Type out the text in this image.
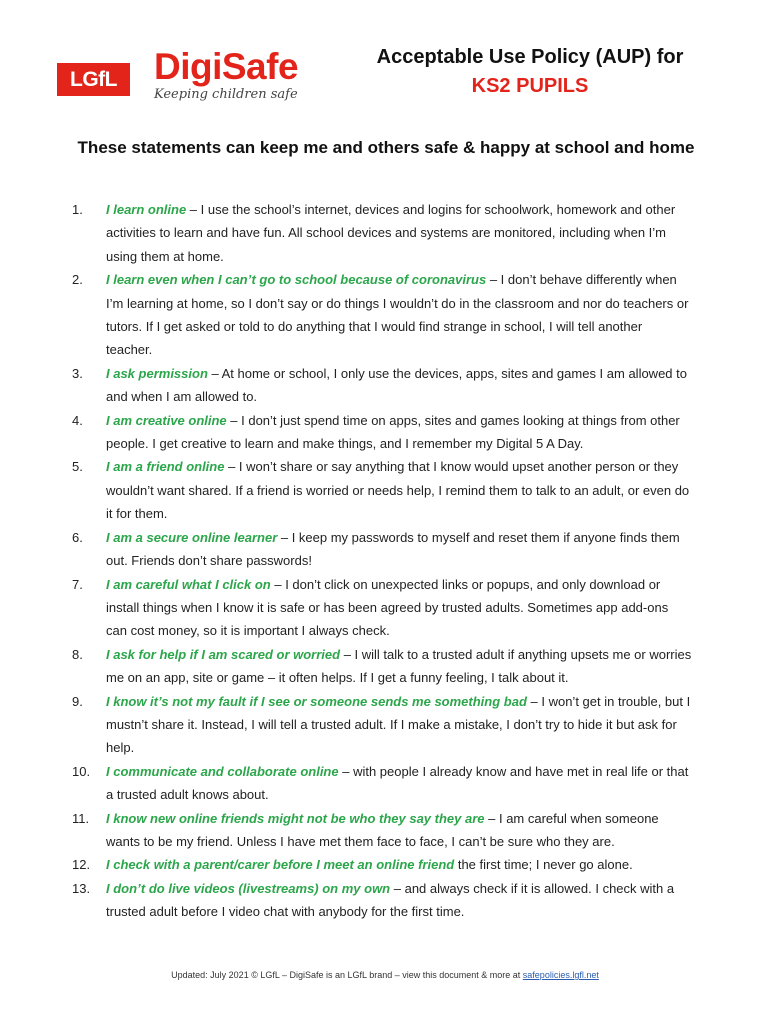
LGfL	DigiSafe
Keeping children safe
Acceptable Use Policy (AUP) for
KS2 PUPILS
These statements can keep me and others safe & happy at school and home
1.	I learn online – I use the school’s internet, devices and logins for schoolwork, homework and other activities to learn and have fun. All school devices and systems are monitored, including when I’m using them at home.
2.	I learn even when I can’t go to school because of coronavirus – I don’t behave differently when I’m learning at home, so I don’t say or do things I wouldn’t do in the classroom and nor do teachers or tutors. If I get asked or told to do anything that I would find strange in school, I will tell another teacher.
3.	I ask permission – At home or school, I only use the devices, apps, sites and games I am allowed to and when I am allowed to.
4.	I am creative online – I don’t just spend time on apps, sites and games looking at things from other people. I get creative to learn and make things, and I remember my Digital 5 A Day.
5.	I am a friend online – I won’t share or say anything that I know would upset another person or they wouldn’t want shared. If a friend is worried or needs help, I remind them to talk to an adult, or even do it for them.
6.	I am a secure online learner – I keep my passwords to myself and reset them if anyone finds them out. Friends don’t share passwords!
7.	I am careful what I click on – I don’t click on unexpected links or popups, and only download or install things when I know it is safe or has been agreed by trusted adults. Sometimes app add-ons can cost money, so it is important I always check.
8.	I ask for help if I am scared or worried – I will talk to a trusted adult if anything upsets me or worries me on an app, site or game – it often helps. If I get a funny feeling, I talk about it.
9.	I know it’s not my fault if I see or someone sends me something bad – I won’t get in trouble, but I mustn’t share it. Instead, I will tell a trusted adult. If I make a mistake, I don’t try to hide it but ask for help.
10.	I communicate and collaborate online – with people I already know and have met in real life or that a trusted adult knows about.
11.	I know new online friends might not be who they say they are – I am careful when someone wants to be my friend. Unless I have met them face to face, I can’t be sure who they are.
12.	I check with a parent/carer before I meet an online friend the first time; I never go alone.
13.	I don’t do live videos (livestreams) on my own – and always check if it is allowed. I check with a trusted adult before I video chat with anybody for the first time.
Updated: July 2021 © LGfL – DigiSafe is an LGfL brand – view this document & more at safepolicies.lgfl.net
